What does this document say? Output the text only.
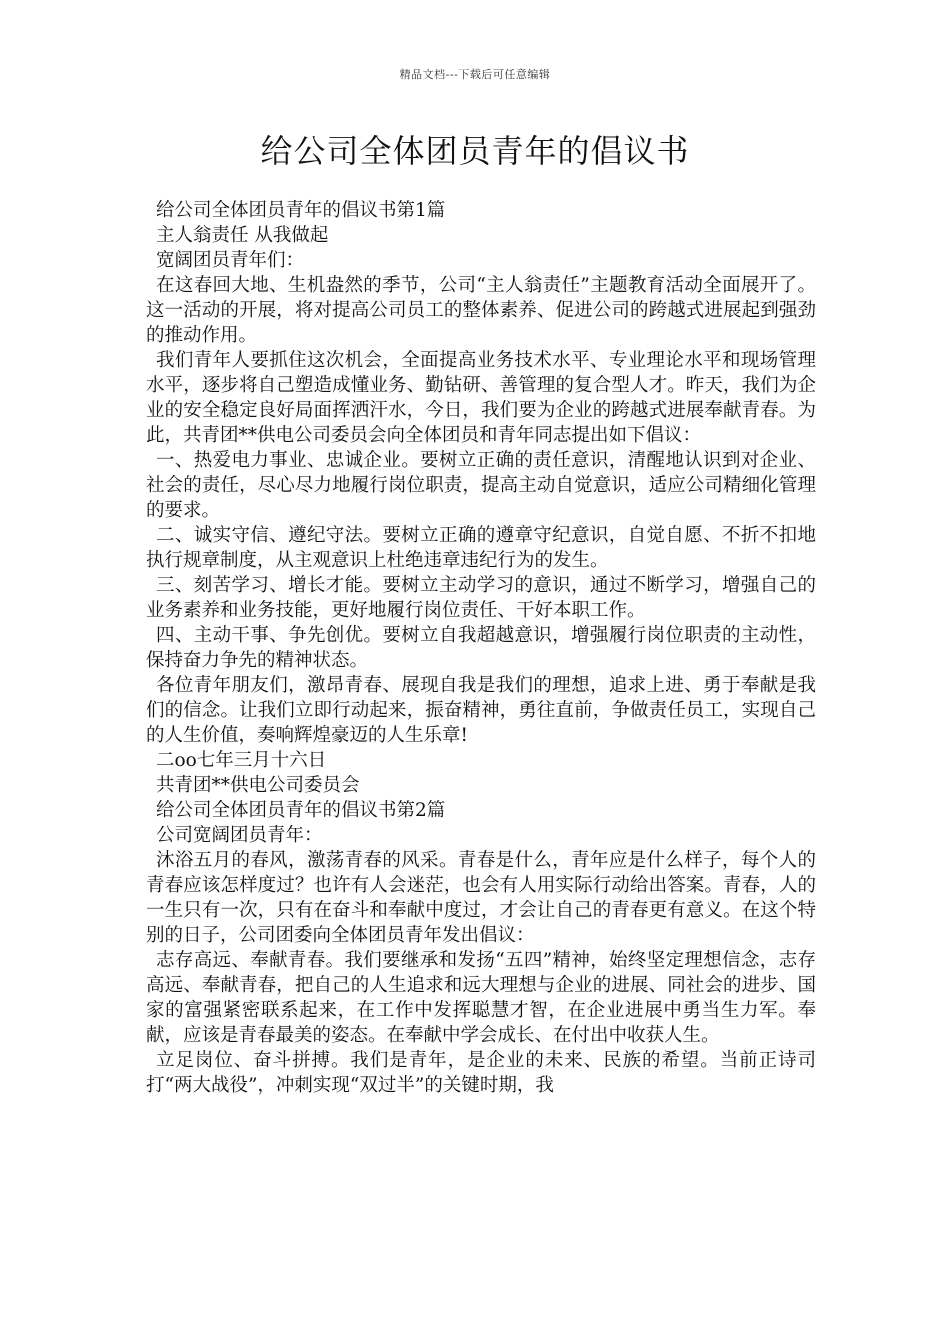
精品文档---下载后可任意编辑
给公司全体团员青年的倡议书

给公司全体团员青年的倡议书第1篇

主人翁责任 从我做起

宽阔团员青年们：

在这春回大地、生机盎然的季节，公司“主人翁责任”主题教育活动全面展开了。这一活动的开展，将对提高公司员工的整体素养、促进公司的跨越式进展起到强劲的推动作用。

我们青年人要抓住这次机会，全面提高业务技术水平、专业理论水平和现场管理水平，逐步将自己塑造成懂业务、勤钻研、善管理的复合型人才。昨天，我们为企业的安全稳定良好局面挥洒汗水，今日，我们要为企业的跨越式进展奉献青春。为此，共青团**供电公司委员会向全体团员和青年同志提出如下倡议：

一、热爱电力事业、忠诚企业。要树立正确的责任意识，清醒地认识到对企业、社会的责任，尽心尽力地履行岗位职责，提高主动自觉意识，适应公司精细化管理的要求。

二、诚实守信、遵纪守法。要树立正确的遵章守纪意识，自觉自愿、不折不扣地执行规章制度，从主观意识上杜绝违章违纪行为的发生。

三、刻苦学习、增长才能。要树立主动学习的意识，通过不断学习，增强自己的业务素养和业务技能，更好地履行岗位责任、干好本职工作。

四、主动干事、争先创优。要树立自我超越意识，增强履行岗位职责的主动性，保持奋力争先的精神状态。

各位青年朋友们，激昂青春、展现自我是我们的理想，追求上进、勇于奉献是我们的信念。让我们立即行动起来，振奋精神，勇往直前，争做责任员工，实现自己的人生价值，奏响辉煌豪迈的人生乐章!

二oo七年三月十六日

共青团**供电公司委员会

给公司全体团员青年的倡议书第2篇

公司宽阔团员青年：

沐浴五月的春风，激荡青春的风采。青春是什么，青年应是什么样子，每个人的青春应该怎样度过？也许有人会迷茫，也会有人用实际行动给出答案。青春，人的一生只有一次，只有在奋斗和奉献中度过，才会让自己的青春更有意义。在这个特别的日子，公司团委向全体团员青年发出倡议：

志存高远、奉献青春。我们要继承和发扬“五四”精神，始终坚定理想信念，志存高远、奉献青春，把自己的人生追求和远大理想与企业的进展、同社会的进步、国家的富强紧密联系起来，在工作中发挥聪慧才智，在企业进展中勇当生力军。奉献，应该是青春最美的姿态。在奉献中学会成长、在付出中收获人生。

立足岗位、奋斗拼搏。我们是青年，是企业的未来、民族的希望。当前正诗司打“两大战役”，冲刺实现“双过半”的关键时期，我
